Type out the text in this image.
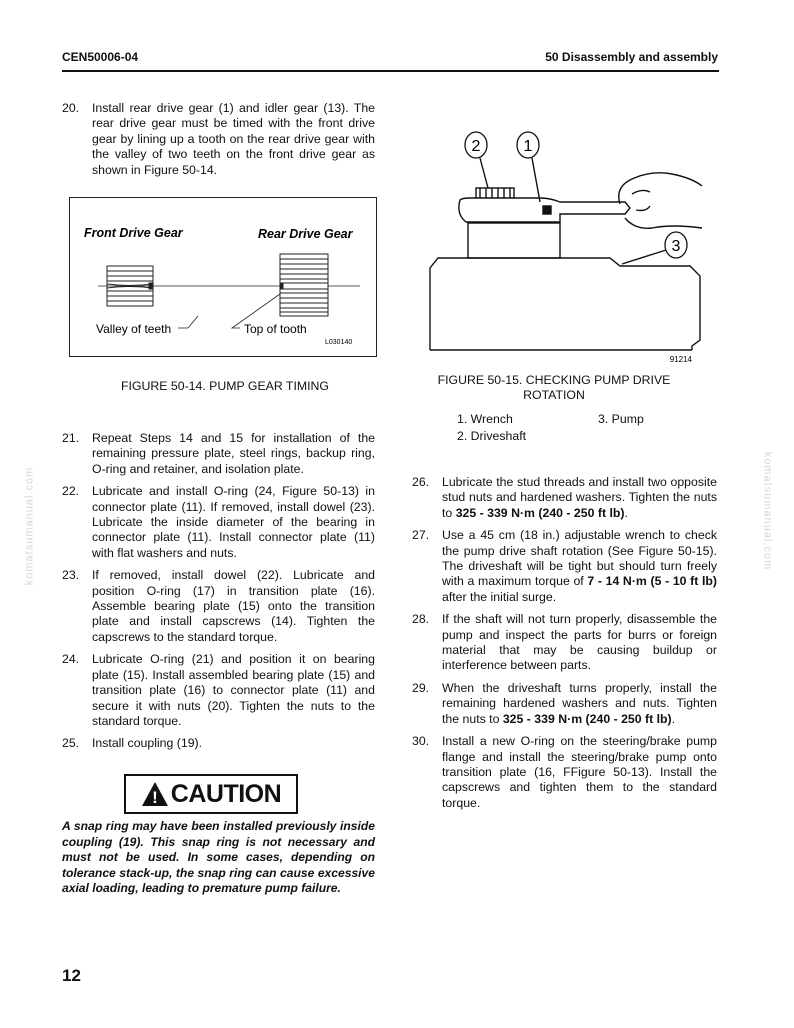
CEN50006-04	50 Disassembly and assembly
komatsumanual.com	komatsumanual.com
20. Install rear drive gear (1) and idler gear (13). The rear drive gear must be timed with the front drive gear by lining up a tooth on the rear drive gear with the valley of two teeth on the front drive gear as shown in Figure 50-14.
Front Drive Gear	Rear Drive Gear
Valley of teeth	Top of tooth
L030140
FIGURE 50-14. PUMP GEAR TIMING
21. Repeat Steps 14 and 15 for installation of the remaining pressure plate, steel rings, backup ring, O-ring and retainer, and isolation plate.
22. Lubricate and install O-ring (24, Figure 50-13) in connector plate (11). If removed, install dowel (23). Lubricate the inside diameter of the bearing in connector plate (11). Install connector plate (11) with flat washers and nuts.
23. If removed, install dowel (22). Lubricate and position O-ring (17) in transition plate (16). Assemble bearing plate (15) onto the transition plate and install capscrews (14). Tighten the capscrews to the standard torque.
24. Lubricate O-ring (21) and position it on bearing plate (15). Install assembled bearing plate (15) and transition plate (16) to connector plate (11) and secure it with nuts (20). Tighten the nuts to the standard torque.
25. Install coupling (19).
! CAUTION
A snap ring may have been installed previously inside coupling (19). This snap ring is not necessary and must not be used. In some cases, depending on tolerance stack-up, the snap ring can cause excessive axial loading, leading to premature pump failure.
2	1
3
91214
FIGURE 50-15. CHECKING PUMP DRIVE ROTATION
1. Wrench
2. Driveshaft
3. Pump
26. Lubricate the stud threads and install two opposite stud nuts and hardened washers. Tighten the nuts to 325 - 339 N·m (240 - 250 ft lb).
27. Use a 45 cm (18 in.) adjustable wrench to check the pump drive shaft rotation (See Figure 50-15). The driveshaft will be tight but should turn freely with a maximum torque of 7 - 14 N·m (5 - 10 ft lb) after the initial surge.
28. If the shaft will not turn properly, disassemble the pump and inspect the parts for burrs or foreign material that may be causing buildup or interference between parts.
29. When the driveshaft turns properly, install the remaining hardened washers and nuts. Tighten the nuts to 325 - 339 N·m (240 - 250 ft lb).
30. Install a new O-ring on the steering/brake pump flange and install the steering/brake pump onto transition plate (16, FFigure 50-13). Install the capscrews and tighten them to the standard torque.
12
